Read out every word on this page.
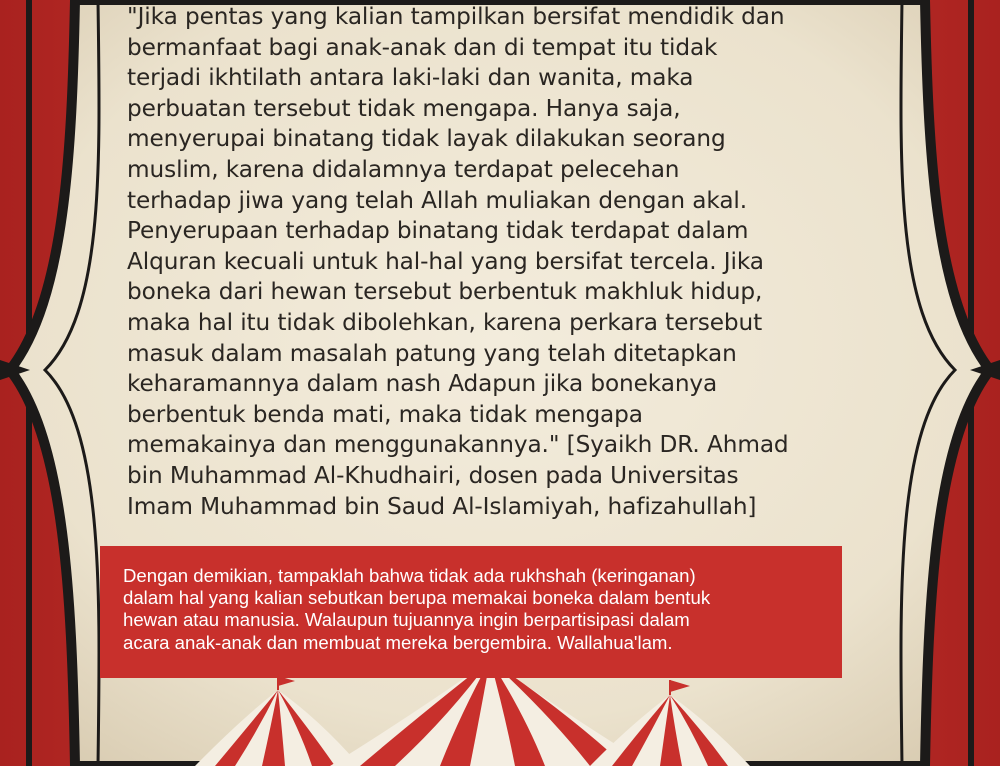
"Jika pentas yang kalian tampilkan bersifat mendidik dan
bermanfaat bagi anak-anak dan di tempat itu tidak
terjadi ikhtilath antara laki-laki dan wanita, maka
perbuatan tersebut tidak mengapa. Hanya saja,
menyerupai binatang tidak layak dilakukan seorang
muslim, karena didalamnya terdapat pelecehan
terhadap jiwa yang telah Allah muliakan dengan akal.
Penyerupaan terhadap binatang tidak terdapat dalam
Alquran kecuali untuk hal-hal yang bersifat tercela. Jika
boneka dari hewan tersebut berbentuk makhluk hidup,
maka hal itu tidak dibolehkan, karena perkara tersebut
masuk dalam masalah patung yang telah ditetapkan
keharamannya dalam nash Adapun jika bonekanya
berbentuk benda mati, maka tidak mengapa
memakainya dan menggunakannya." [Syaikh DR. Ahmad
bin Muhammad Al-Khudhairi, dosen pada Universitas
Imam Muhammad bin Saud Al-Islamiyah, hafizahullah]

Dengan demikian, tampaklah bahwa tidak ada rukhshah (keringanan)
dalam hal yang kalian sebutkan berupa memakai boneka dalam bentuk
hewan atau manusia. Walaupun tujuannya ingin berpartisipasi dalam
acara anak-anak dan membuat mereka bergembira. Wallahua'lam.
